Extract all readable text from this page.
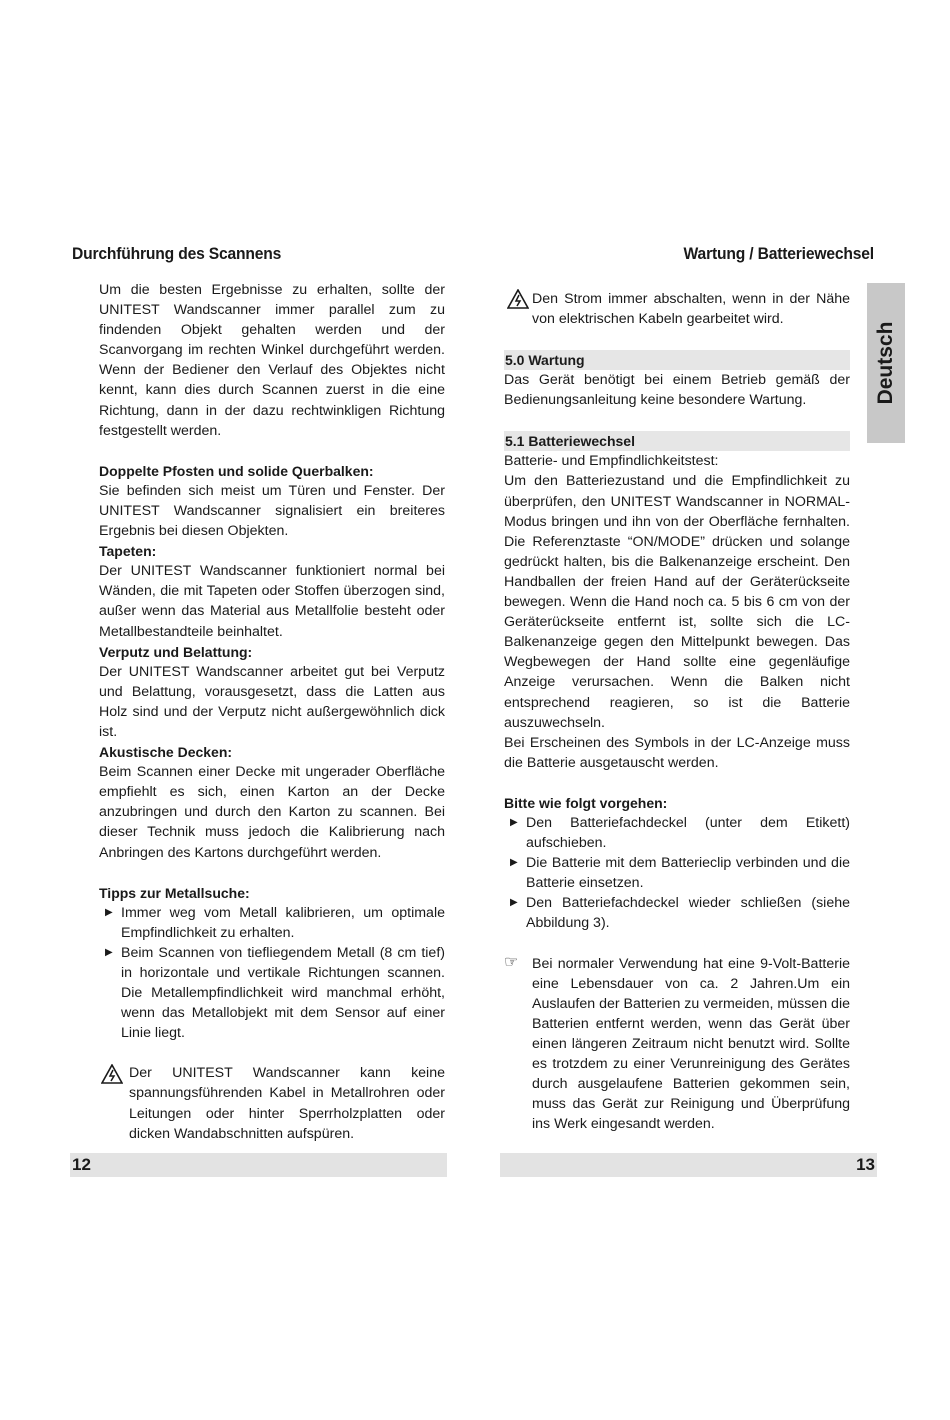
Durchführung des Scannens

Um die besten Ergebnisse zu erhalten, sollte der UNITEST Wandscanner immer parallel zum zu findenden Objekt gehalten werden und der Scanvorgang im rechten Winkel durchgeführt werden. Wenn der Bediener den Verlauf des Objektes nicht kennt, kann dies durch Scannen zuerst in die eine Richtung, dann in der dazu rechtwinkligen Richtung festgestellt werden.

Doppelte Pfosten und solide Querbalken:

Sie befinden sich meist um Türen und Fenster. Der UNITEST Wandscanner signalisiert ein breiteres Ergebnis bei diesen Objekten.

Tapeten:

Der UNITEST Wandscanner funktioniert normal bei Wänden, die mit Tapeten oder Stoffen überzogen sind, außer wenn das Material aus Metallfolie besteht oder Metallbestandteile beinhaltet.

Verputz und Belattung:

Der UNITEST Wandscanner arbeitet gut bei Verputz und Belattung, vorausgesetzt, dass die Latten aus Holz sind und der Verputz nicht außergewöhnlich dick ist.

Akustische Decken:

Beim Scannen einer Decke mit ungerader Oberfläche empfiehlt es sich, einen Karton an der Decke anzubringen und durch den Karton zu scannen. Bei dieser Technik muss jedoch die Kalibrierung nach Anbringen des Kartons durchgeführt werden.

Tipps zur Metallsuche:

▶ Immer weg vom Metall kalibrieren, um optimale Empfindlichkeit zu erhalten.
▶ Beim Scannen von tiefliegendem Metall (8 cm tief) in horizontale und vertikale Richtungen scannen. Die Metallempfindlichkeit wird manchmal erhöht, wenn das Metallobjekt mit dem Sensor auf einer Linie liegt.
Der UNITEST Wandscanner kann keine spannungsführenden Kabel in Metallrohren oder Leitungen oder hinter Sperrholzplatten oder dicken Wandabschnitten aufspüren.
12
Wartung / Batteriewechsel
Den Strom immer abschalten, wenn in der Nähe von elektrischen Kabeln gearbeitet wird.

5.0 Wartung

Das Gerät benötigt bei einem Betrieb gemäß der Bedienungsanleitung keine besondere Wartung.

5.1 Batteriewechsel

Batterie- und Empfindlichkeitstest:

Um den Batteriezustand und die Empfindlichkeit zu überprüfen, den UNITEST Wandscanner in NORMAL-Modus bringen und ihn von der Oberfläche fernhalten. Die Referenztaste “ON/MODE” drücken und solange gedrückt halten, bis die Balkenanzeige erscheint. Den Handballen der freien Hand auf der Geräterückseite bewegen. Wenn die Hand noch ca. 5 bis 6 cm von der Geräterückseite entfernt ist, sollte sich die LC-Balkenanzeige gegen den Mittelpunkt bewegen. Das Wegbewegen der Hand sollte eine gegenläufige Anzeige verursachen. Wenn die Balken nicht entsprechend reagieren, so ist die Batterie auszuwechseln.

Bei Erscheinen des Symbols in der LC-Anzeige muss die Batterie ausgetauscht werden.

Bitte wie folgt vorgehen:

▶ Den Batteriefachdeckel (unter dem Etikett) aufschieben.
▶ Die Batterie mit dem Batterieclip verbinden und die Batterie einsetzen.
▶ Den Batteriefachdeckel wieder schließen (siehe Abbildung 3).
☞ Bei normaler Verwendung hat eine 9-Volt-Batterie eine Lebensdauer von ca. 2 Jahren.Um ein Auslaufen der Batterien zu vermeiden, müssen die Batterien entfernt werden, wenn das Gerät über einen längeren Zeitraum nicht benutzt wird. Sollte es trotzdem zu einer Verunreinigung des Gerätes durch ausgelaufene Batterien gekommen sein, muss das Gerät zur Reinigung und Überprüfung ins Werk eingesandt werden.
13
Deutsch
